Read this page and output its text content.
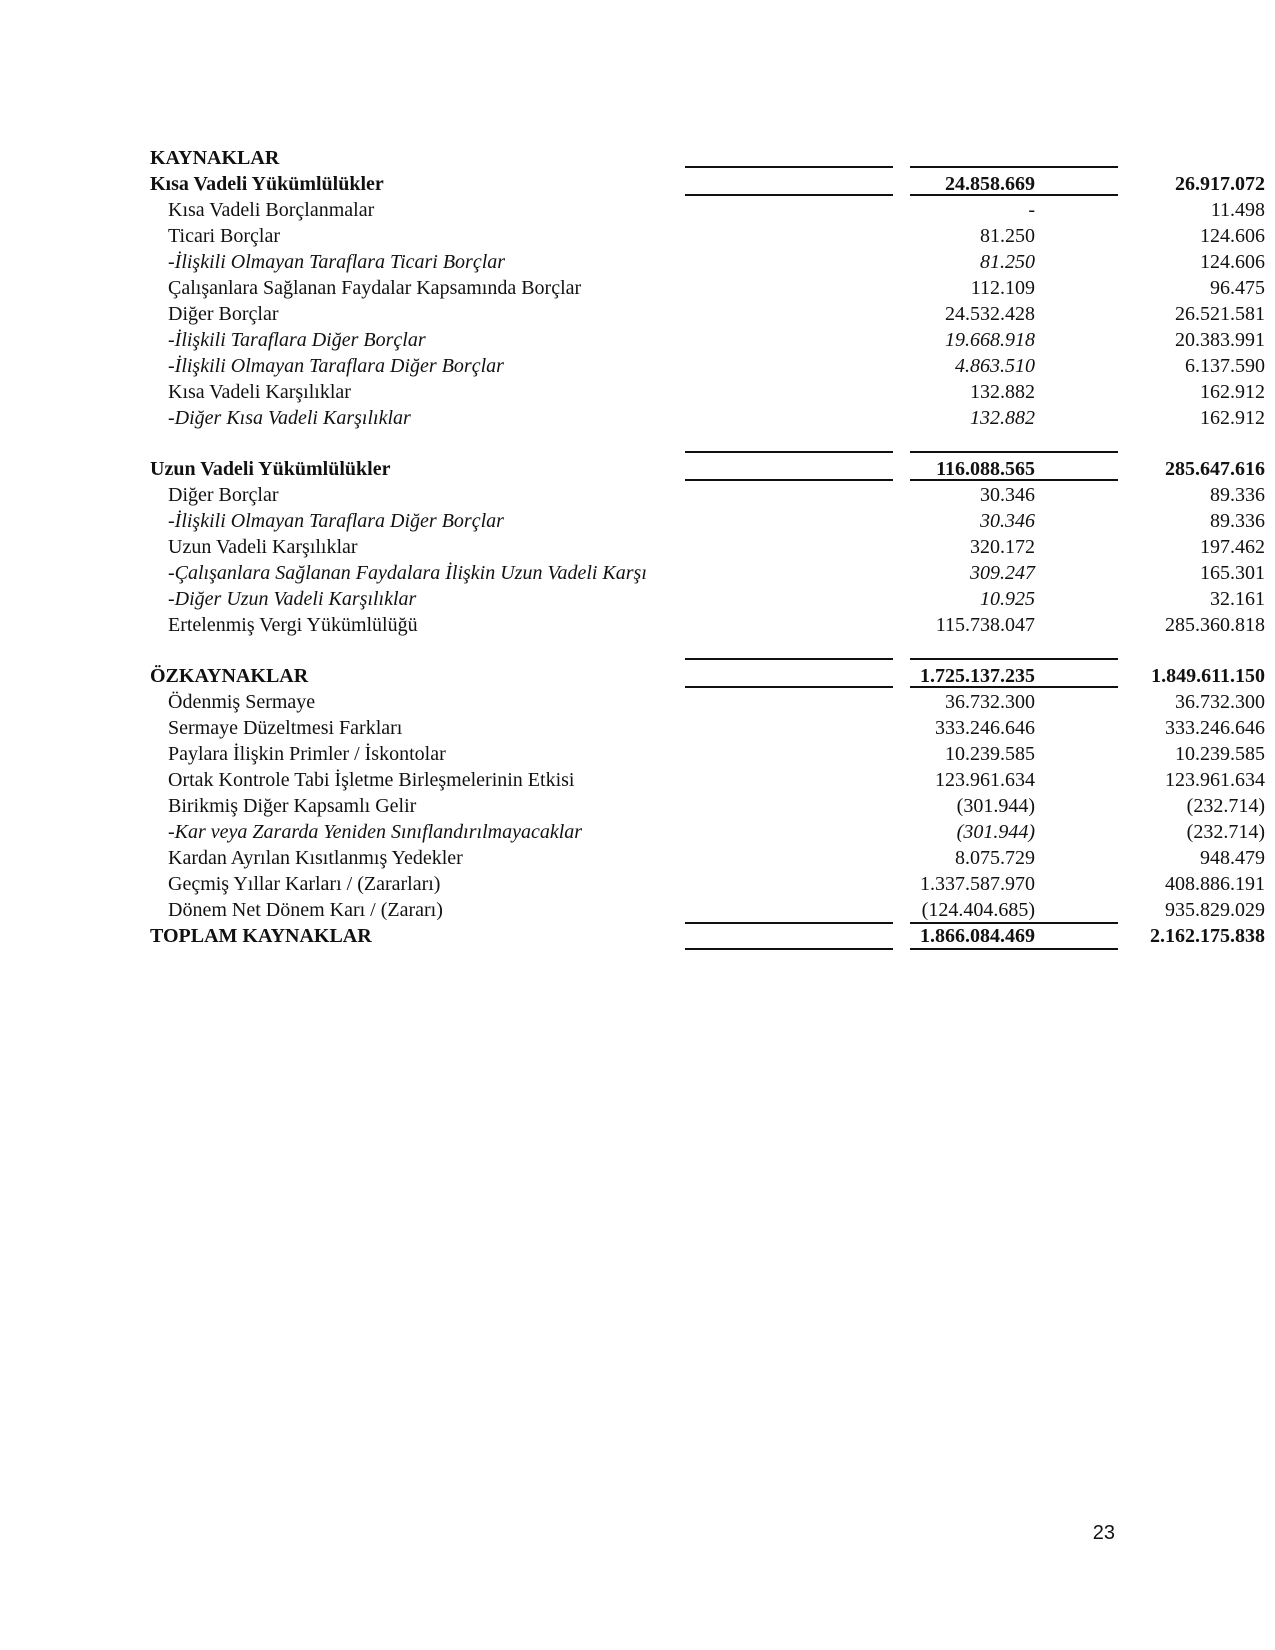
KAYNAKLAR
Kısa Vadeli Yükümlülükler	24.858.669	26.917.072
Kısa Vadeli Borçlanmalar	-	11.498
Ticari Borçlar	81.250	124.606
-İlişkili Olmayan Taraflara Ticari Borçlar	81.250	124.606
Çalışanlara Sağlanan Faydalar Kapsamında Borçlar	112.109	96.475
Diğer Borçlar	24.532.428	26.521.581
-İlişkili Taraflara Diğer Borçlar	19.668.918	20.383.991
-İlişkili Olmayan Taraflara Diğer Borçlar	4.863.510	6.137.590
Kısa Vadeli Karşılıklar	132.882	162.912
-Diğer Kısa Vadeli Karşılıklar	132.882	162.912
Uzun Vadeli Yükümlülükler	116.088.565	285.647.616
Diğer Borçlar	30.346	89.336
-İlişkili Olmayan Taraflara Diğer Borçlar	30.346	89.336
Uzun Vadeli Karşılıklar	320.172	197.462
-Çalışanlara Sağlanan Faydalara İlişkin Uzun Vadeli Karşı	309.247	165.301
-Diğer Uzun Vadeli Karşılıklar	10.925	32.161
Ertelenmiş Vergi Yükümlülüğü	115.738.047	285.360.818
ÖZKAYNAKLAR	1.725.137.235	1.849.611.150
Ödenmiş Sermaye	36.732.300	36.732.300
Sermaye Düzeltmesi Farkları	333.246.646	333.246.646
Paylara İlişkin Primler / İskontolar	10.239.585	10.239.585
Ortak Kontrole Tabi İşletme Birleşmelerinin Etkisi	123.961.634	123.961.634
Birikmiş Diğer Kapsamlı Gelir	(301.944)	(232.714)
-Kar veya Zararda Yeniden Sınıflandırılmayacaklar	(301.944)	(232.714)
Kardan Ayrılan Kısıtlanmış Yedekler	8.075.729	948.479
Geçmiş Yıllar Karları / (Zararları)	1.337.587.970	408.886.191
Dönem Net Dönem Karı / (Zararı)	(124.404.685)	935.829.029
TOPLAM KAYNAKLAR	1.866.084.469	2.162.175.838
23
